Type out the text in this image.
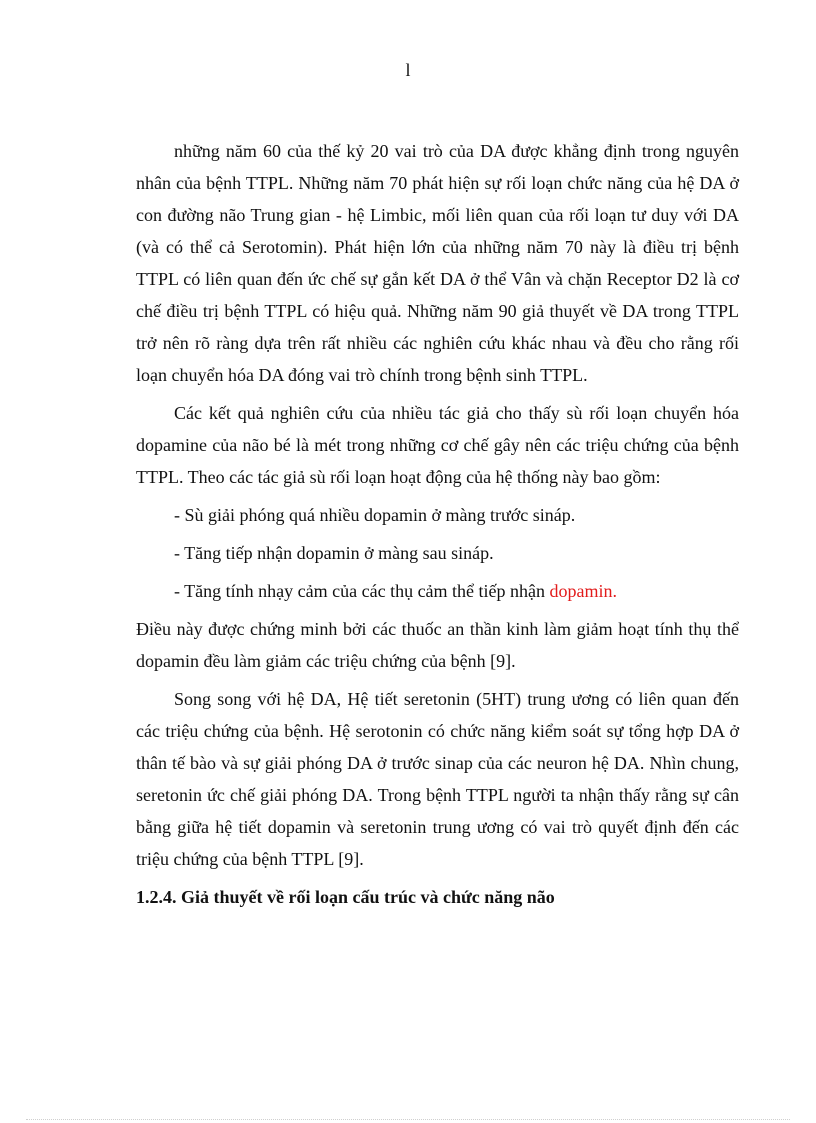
l

những năm 60 của thế kỷ 20 vai trò của DA được khẳng định trong nguyên nhân của bệnh TTPL. Những năm 70 phát hiện sự rối loạn chức năng của hệ DA ở con đường não Trung gian - hệ Limbic, mối liên quan của rối loạn tư duy với DA (và có thể cả Serotomin). Phát hiện lớn của những năm 70 này là điều trị bệnh TTPL có liên quan đến ức chế sự gắn kết DA ở thể Vân và chặn Receptor D2 là cơ chế điều trị bệnh TTPL có hiệu quả. Những năm 90 giả thuyết về DA trong TTPL trở nên rõ ràng dựa trên rất nhiều các nghiên cứu khác nhau và đều cho rằng rối loạn chuyển hóa DA đóng vai trò chính trong bệnh sinh TTPL.

Các kết quả nghiên cứu của nhiều tác giả cho thấy sù rối loạn chuyển hóa dopamine của não bé là mét trong những cơ chế gây nên các triệu chứng của bệnh TTPL. Theo các tác giả sù rối loạn hoạt động của hệ thống này bao gồm:

- Sù giải phóng quá nhiều dopamin ở màng trước sináp.

- Tăng tiếp nhận dopamin ở màng sau sináp.

- Tăng tính nhạy cảm của các thụ cảm thể tiếp nhận dopamin.

Điều này được chứng minh bởi các thuốc an thần kinh làm giảm hoạt tính thụ thể dopamin đều làm giảm các triệu chứng của bệnh [9].

Song song với hệ DA, Hệ tiết seretonin (5HT) trung ương có liên quan đến các triệu chứng của bệnh. Hệ serotonin có chức năng kiểm soát sự tổng hợp DA ở thân tế bào và sự giải phóng DA ở trước sinap của các neuron hệ DA. Nhìn chung, seretonin ức chế giải phóng DA. Trong bệnh TTPL người ta nhận thấy rằng sự cân bằng giữa hệ tiết dopamin và seretonin trung ương có vai trò quyết định đến các triệu chứng của bệnh TTPL [9].

1.2.4. Giả thuyết về rối loạn cấu trúc và chức năng não
